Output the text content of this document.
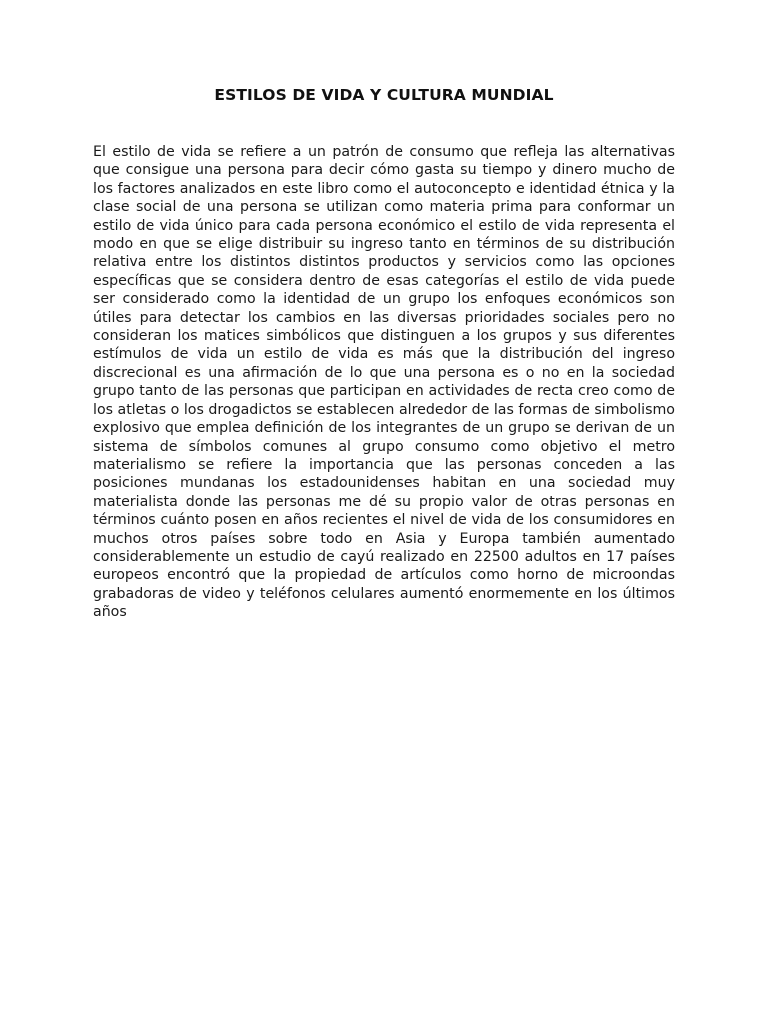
ESTILOS DE VIDA Y CULTURA MUNDIAL

El estilo de vida se refiere a un patrón de consumo que refleja las alternativas que consigue una persona para decir cómo gasta su tiempo y dinero mucho de los factores analizados en este libro como el autoconcepto e identidad étnica y la clase social de una persona se utilizan como materia prima para conformar un estilo de vida único para cada persona económico el estilo de vida representa el modo en que se elige distribuir su ingreso tanto en términos de su distribución relativa entre los distintos distintos productos y servicios como las opciones específicas que se considera dentro de esas categorías el estilo de vida puede ser considerado como la identidad de un grupo los enfoques económicos son útiles para detectar los cambios en las diversas prioridades sociales pero no consideran los matices simbólicos que distinguen a los grupos y sus diferentes estímulos de vida un estilo de vida es más que la distribución del ingreso discrecional es una afirmación de lo que una persona es o no en la sociedad grupo tanto de las personas que participan en actividades de recta creo como de los atletas o los drogadictos se establecen alrededor de las formas de simbolismo explosivo que emplea definición de los integrantes de un grupo se derivan de un sistema de símbolos comunes al grupo consumo como objetivo el metro materialismo se refiere la importancia que las personas conceden a las posiciones mundanas los estadounidenses habitan en una sociedad muy materialista donde las personas me dé su propio valor de otras personas en términos cuánto posen en años recientes el nivel de vida de los consumidores en muchos otros países sobre todo en Asia y Europa también aumentado considerablemente un estudio de cayú realizado en 22500 adultos en 17 países europeos encontró que la propiedad de artículos como horno de microondas grabadoras de video y teléfonos celulares aumentó enormemente en los últimos años
